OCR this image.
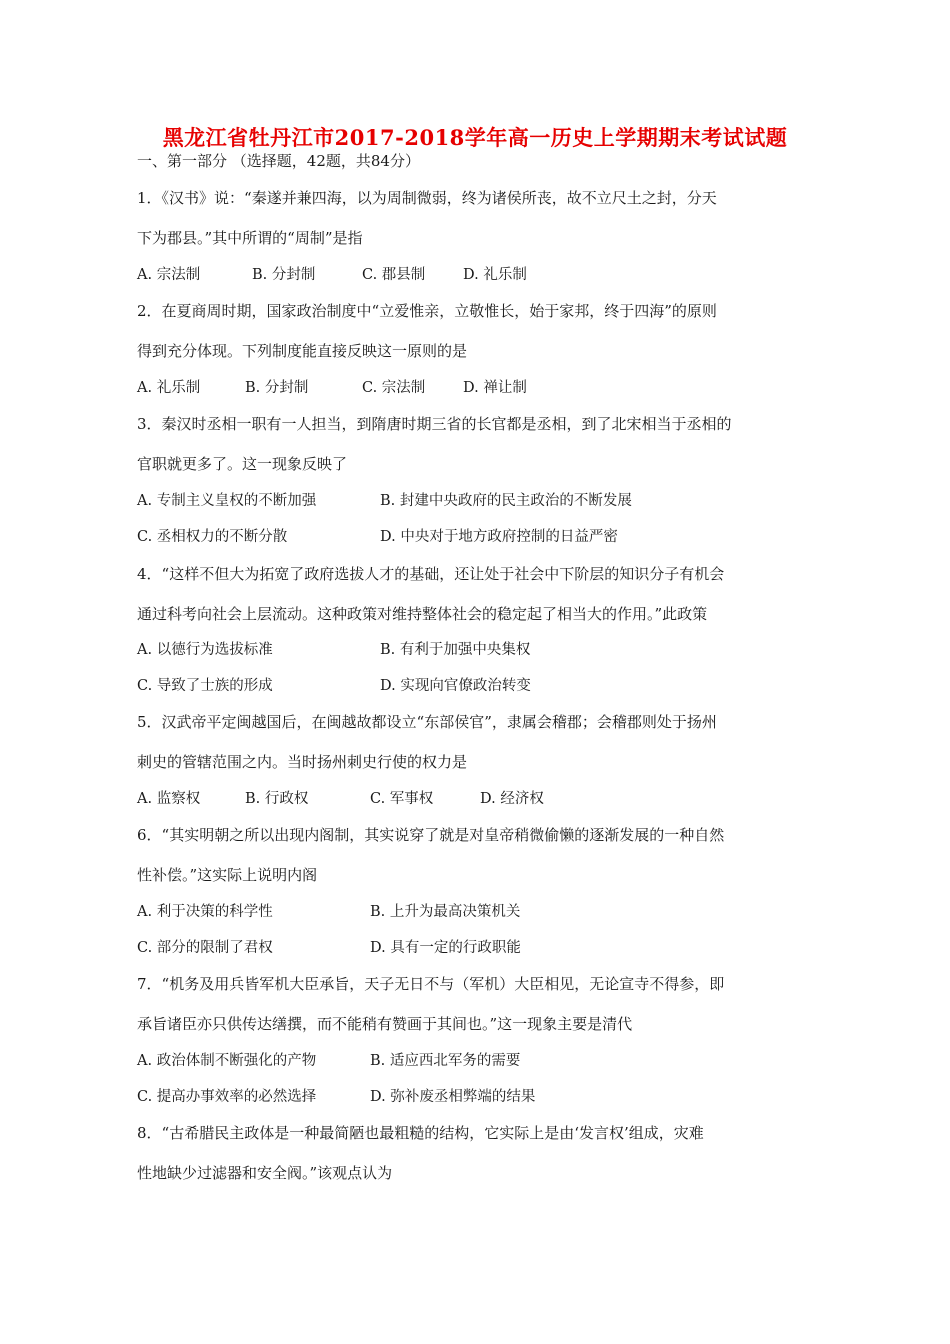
黑龙江省牡丹江市2017-2018学年高一历史上学期期末考试试题
一、第一部分 （选择题，42题，共84分）
1．《汉书》说：“秦遂并兼四海，以为周制微弱，终为诸侯所丧，故不立尺土之封，分天
下为郡县。”其中所谓的“周制”是指
A. 宗法制	B. 分封制	C. 郡县制	D. 礼乐制
2．在夏商周时期，国家政治制度中“立爱惟亲，立敬惟长，始于家邦，终于四海”的原则
得到充分体现。下列制度能直接反映这一原则的是
A. 礼乐制	B. 分封制	C. 宗法制	D. 禅让制
3．秦汉时丞相一职有一人担当，到隋唐时期三省的长官都是丞相，到了北宋相当于丞相的
官职就更多了。这一现象反映了
A. 专制主义皇权的不断加强	B. 封建中央政府的民主政治的不断发展
C. 丞相权力的不断分散	D. 中央对于地方政府控制的日益严密
4．“这样不但大为拓宽了政府选拔人才的基础，还让处于社会中下阶层的知识分子有机会
通过科考向社会上层流动。这种政策对维持整体社会的稳定起了相当大的作用。”此政策
A. 以德行为选拔标准	B. 有利于加强中央集权
C. 导致了士族的形成	D. 实现向官僚政治转变
5．汉武帝平定闽越国后，在闽越故都设立“东部侯官”，隶属会稽郡；会稽郡则处于扬州
刺史的管辖范围之内。当时扬州刺史行使的权力是
A. 监察权	B. 行政权	C. 军事权	D. 经济权
6．“其实明朝之所以出现内阁制，其实说穿了就是对皇帝稍微偷懒的逐渐发展的一种自然
性补偿。”这实际上说明内阁
A. 利于决策的科学性	B. 上升为最高决策机关
C. 部分的限制了君权	D. 具有一定的行政职能
7．“机务及用兵皆军机大臣承旨，天子无日不与（军机）大臣相见，无论宣寺不得参，即
承旨诸臣亦只供传达缮撰，而不能稍有赞画于其间也。”这一现象主要是清代
A. 政治体制不断强化的产物	B. 适应西北军务的需要
C. 提高办事效率的必然选择	D. 弥补废丞相弊端的结果
8．“古希腊民主政体是一种最简陋也最粗糙的结构，它实际上是由‘发言权’组成，灾难
性地缺少过滤器和安全阀。”该观点认为
